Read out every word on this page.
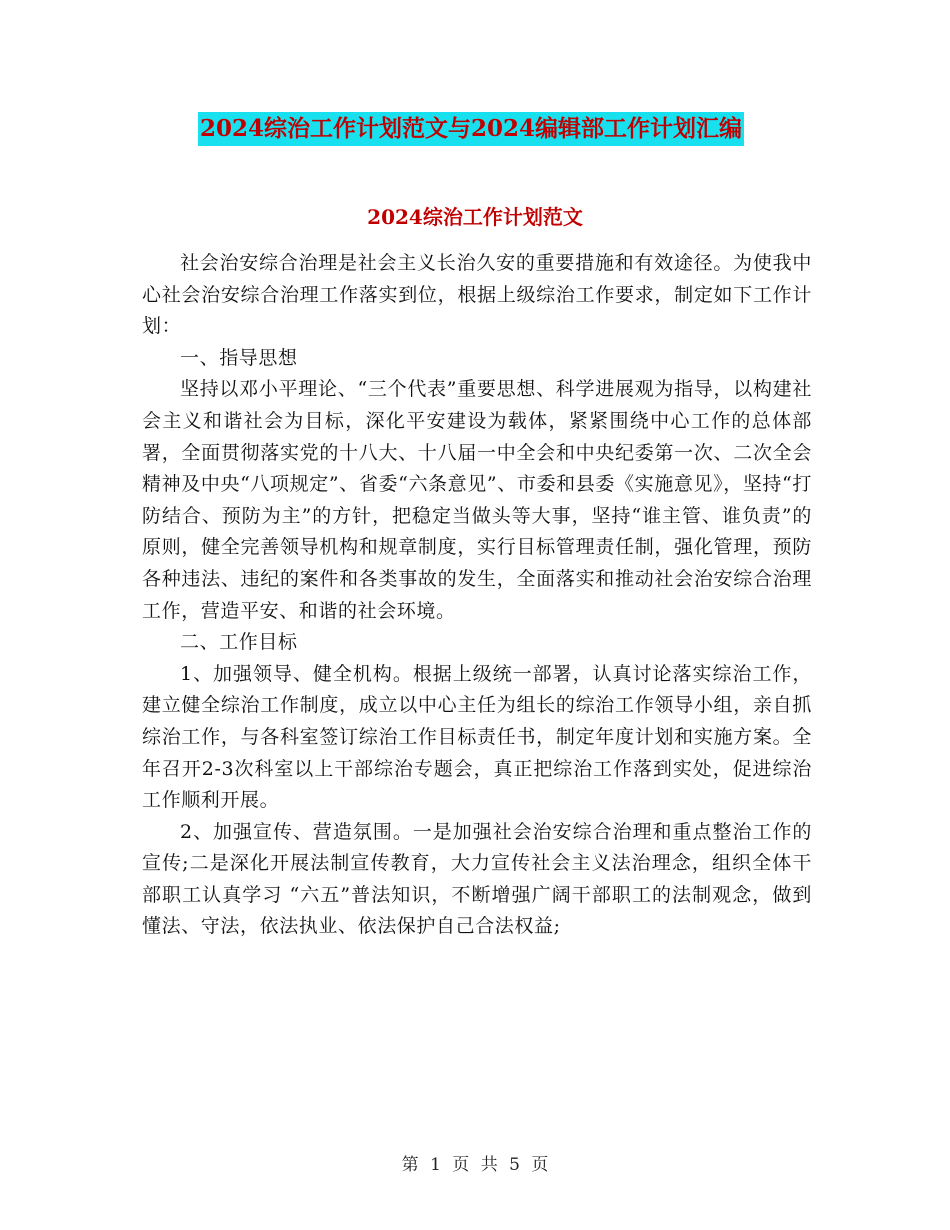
2024综治工作计划范文与2024编辑部工作计划汇编
2024综治工作计划范文

社会治安综合治理是社会主义长治久安的重要措施和有效途径。为使我中心社会治安综合治理工作落实到位，根据上级综治工作要求，制定如下工作计划：

一、指导思想

坚持以邓小平理论、“三个代表”重要思想、科学进展观为指导，以构建社会主义和谐社会为目标，深化平安建设为载体，紧紧围绕中心工作的总体部署，全面贯彻落实党的十八大、十八届一中全会和中央纪委第一次、二次全会精神及中央“八项规定”、省委“六条意见”、市委和县委《实施意见》，坚持“打防结合、预防为主”的方针，把稳定当做头等大事，坚持“谁主管、谁负责”的原则，健全完善领导机构和规章制度，实行目标管理责任制，强化管理，预防各种违法、违纪的案件和各类事故的发生，全面落实和推动社会治安综合治理工作，营造平安、和谐的社会环境。

二、工作目标

1、加强领导、健全机构。根据上级统一部署，认真讨论落实综治工作，建立健全综治工作制度，成立以中心主任为组长的综治工作领导小组，亲自抓综治工作，与各科室签订综治工作目标责任书，制定年度计划和实施方案。全年召开2-3次科室以上干部综治专题会，真正把综治工作落到实处，促进综治工作顺利开展。

2、加强宣传、营造氛围。一是加强社会治安综合治理和重点整治工作的宣传;二是深化开展法制宣传教育，大力宣传社会主义法治理念，组织全体干部职工认真学习 “六五”普法知识，不断增强广阔干部职工的法制观念，做到懂法、守法，依法执业、依法保护自己合法权益;

第 1 页 共 5 页
